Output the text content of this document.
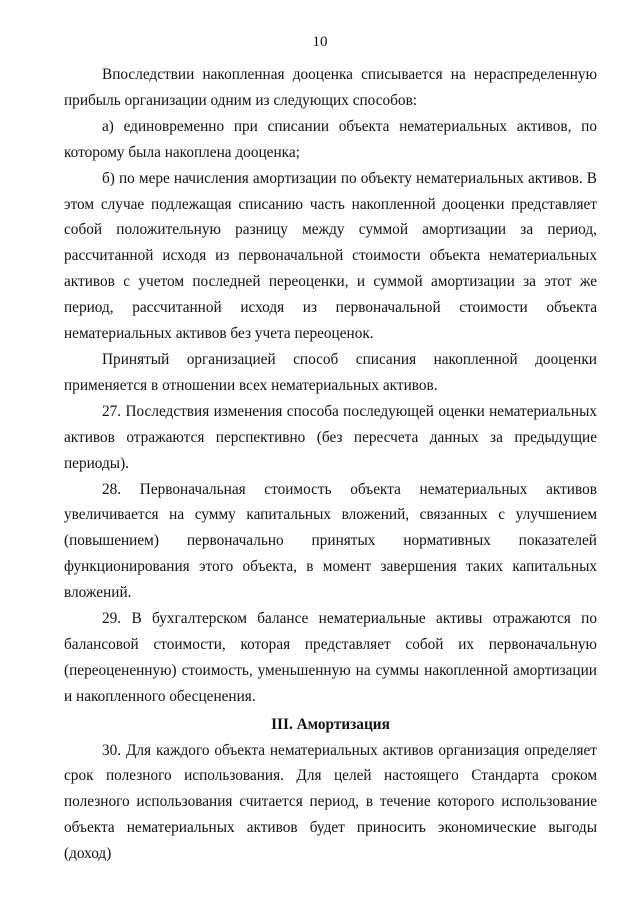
10

Впоследствии накопленная дооценка списывается на нераспределенную прибыль организации одним из следующих способов:

а) единовременно при списании объекта нематериальных активов, по которому была накоплена дооценка;

б) по мере начисления амортизации по объекту нематериальных активов. В этом случае подлежащая списанию часть накопленной дооценки представляет собой положительную разницу между суммой амортизации за период, рассчитанной исходя из первоначальной стоимости объекта нематериальных активов с учетом последней переоценки, и суммой амортизации за этот же период, рассчитанной исходя из первоначальной стоимости объекта нематериальных активов без учета переоценок.

Принятый организацией способ списания накопленной дооценки применяется в отношении всех нематериальных активов.

27. Последствия изменения способа последующей оценки нематериальных активов отражаются перспективно (без пересчета данных за предыдущие периоды).

28. Первоначальная стоимость объекта нематериальных активов увеличивается на сумму капитальных вложений, связанных с улучшением (повышением) первоначально принятых нормативных показателей функционирования этого объекта, в момент завершения таких капитальных вложений.

29. В бухгалтерском балансе нематериальные активы отражаются по балансовой стоимости, которая представляет собой их первоначальную (переоцененную) стоимость, уменьшенную на суммы накопленной амортизации и накопленного обесценения.

III. Амортизация

30. Для каждого объекта нематериальных активов организация определяет срок полезного использования. Для целей настоящего Стандарта сроком полезного использования считается период, в течение которого использование объекта нематериальных активов будет приносить экономические выгоды (доход)
